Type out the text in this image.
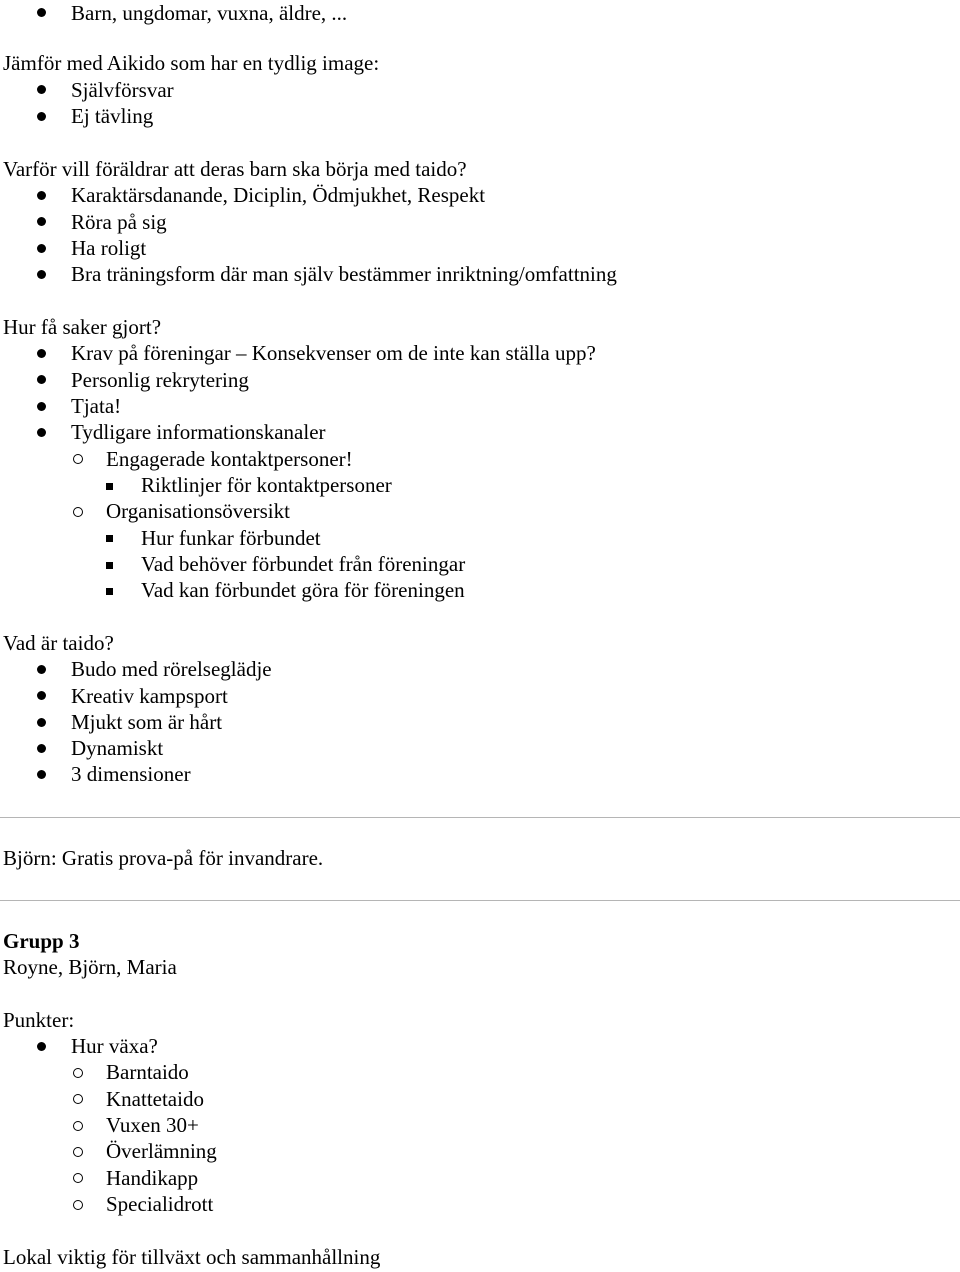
Barn, ungdomar, vuxna, äldre, ...
Jämför med Aikido som har en tydlig image:
Självförsvar
Ej tävling
Varför vill föräldrar att deras barn ska börja med taido?
Karaktärsdanande, Diciplin, Ödmjukhet, Respekt
Röra på sig
Ha roligt
Bra träningsform där man själv bestämmer inriktning/omfattning
Hur få saker gjort?
Krav på föreningar – Konsekvenser om de inte kan ställa upp?
Personlig rekrytering
Tjata!
Tydligare informationskanaler
Engagerade kontaktpersoner!
Riktlinjer för kontaktpersoner
Organisationsöversikt
Hur funkar förbundet
Vad behöver förbundet från föreningar
Vad kan förbundet göra för föreningen
Vad är taido?
Budo med rörelseglädje
Kreativ kampsport
Mjukt som är hårt
Dynamiskt
3 dimensioner
Björn: Gratis prova-på för invandrare.
Grupp 3
Royne, Björn, Maria
Punkter:
Hur växa?
Barntaido
Knattetaido
Vuxen 30+
Överlämning
Handikapp
Specialidrott
Lokal viktig för tillväxt och sammanhållning
